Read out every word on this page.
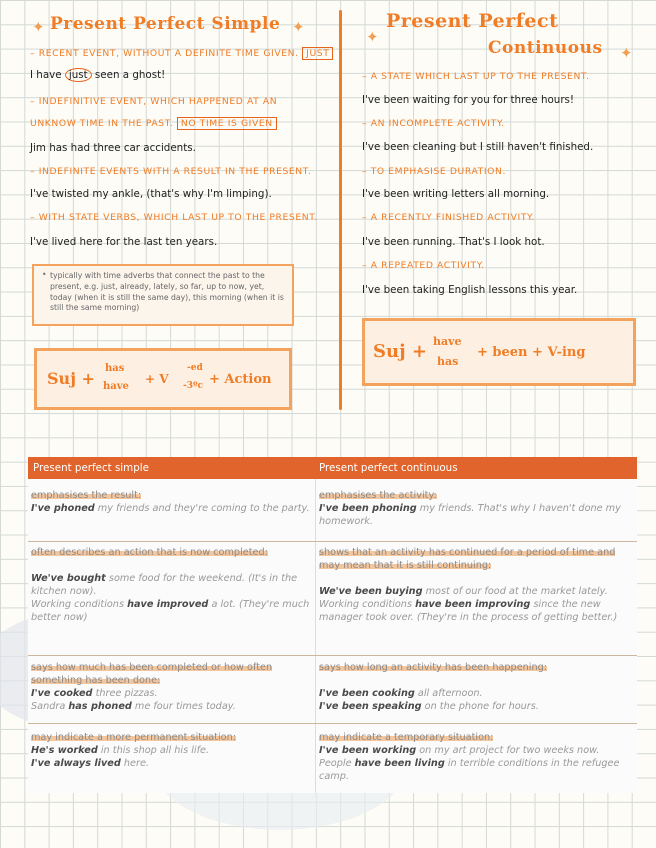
✦	✦
Present Perfect Simple
– RECENT EVENT, WITHOUT A DEFINITE TIME GIVEN. JUST
I have just seen a ghost!
– INDEFINITIVE EVENT, WHICH HAPPENED AT AN
UNKNOW TIME IN THE PAST. NO TIME IS GIVEN
Jim has had three car accidents.
– INDEFINITE EVENTS WITH A RESULT IN THE PRESENT.
I've twisted my ankle, (that's why I'm limping).
– WITH STATE VERBS, WHICH LAST UP TO THE PRESENT.
I've lived here for the last ten years.
• typically with time adverbs that connect the past to the present, e.g. just, already, lately, so far, up to now, yet, today (when it is still the same day), this morning (when it is still the same morning)
Suj +
has
have
+ V
-ed
-3ºc + Action
✦
✦
Present Perfect
Continuous
– A STATE WHICH LAST UP TO THE PRESENT.
I've been waiting for you for three hours!
– AN INCOMPLETE ACTIVITY.
I've been cleaning but I still haven't finished.
– TO EMPHASISE DURATION.
I've been writing letters all morning.
– A RECENTLY FINISHED ACTIVITY.
I've been running. That's I look hot.
– A REPEATED ACTIVITY.
I've been taking English lessons this year.
Suj + have
has
+ been + V-ing
Present perfect simple	Present perfect continuous
emphasises the result:
I've phoned my friends and they're coming to the party.
emphasises the activity:
I've been phoning my friends. That's why I haven't done my homework.
often describes an action that is now completed:

We've bought some food for the weekend. (It's in the kitchen now).
Working conditions have improved a lot. (They're much better now)
shows that an activity has continued for a period of time and may mean that it is still continuing:

We've been buying most of our food at the market lately.
Working conditions have been improving since the new manager took over. (They're in the process of getting better.)
says how much has been completed or how often something has been done:
I've cooked three pizzas.
Sandra has phoned me four times today.
says how long an activity has been happening:

I've been cooking all afternoon.
I've been speaking on the phone for hours.
may indicate a more permanent situation:
He's worked in this shop all his life.
I've always lived here.
may indicate a temporary situation:
I've been working on my art project for two weeks now.
People have been living in terrible conditions in the refugee camp.
